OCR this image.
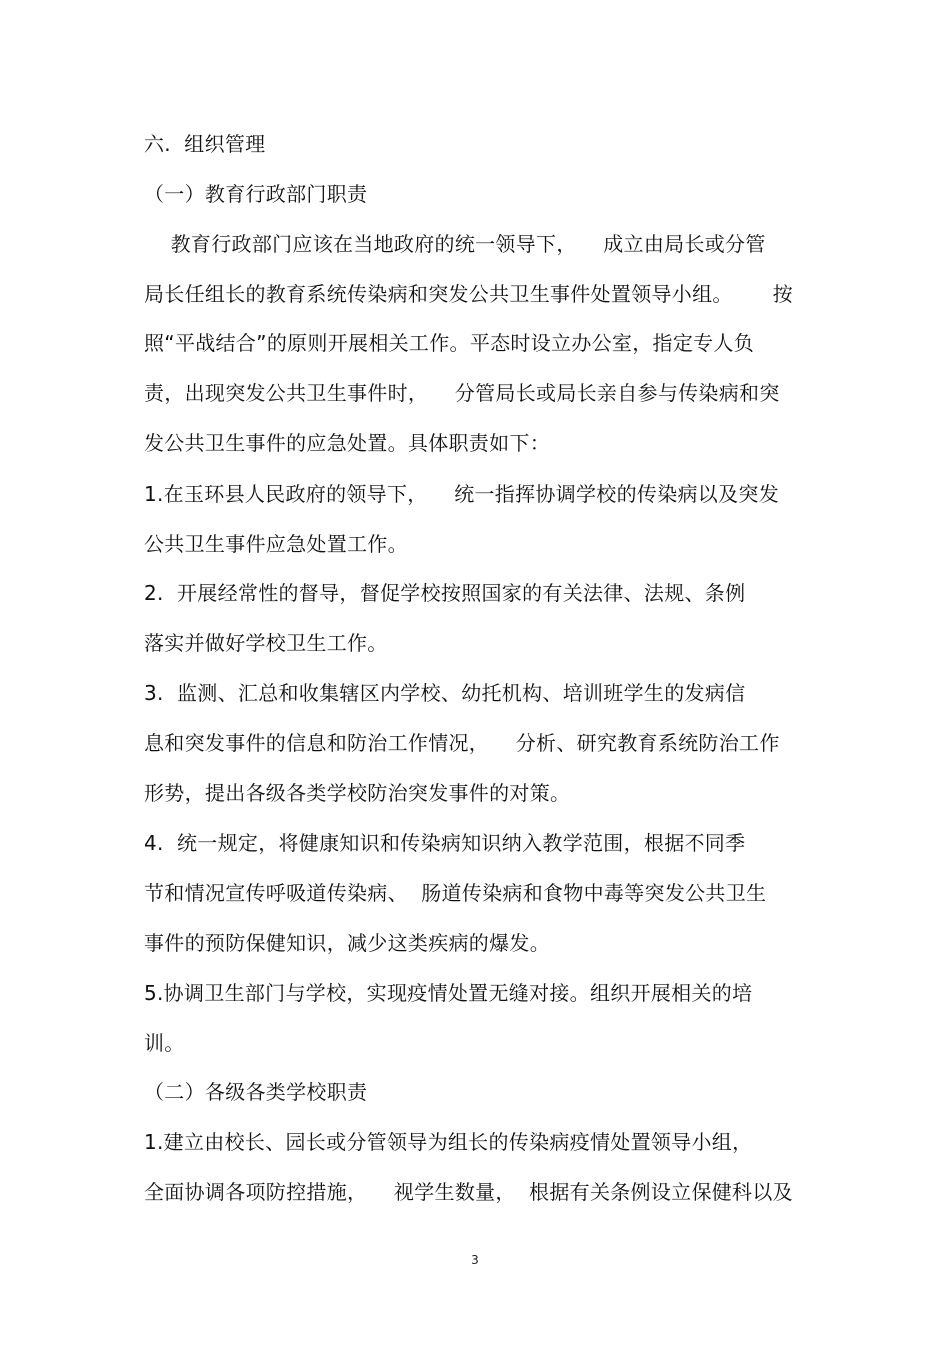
六.  组织管理
（一）教育行政部门职责
教育行政部门应该在当地政府的统一领导下，    成立由局长或分管
局长任组长的教育系统传染病和突发公共卫生事件处置领导小组。      按
照“平战结合”的原则开展相关工作。平态时设立办公室，指定专人负
责，出现突发公共卫生事件时，    分管局长或局长亲自参与传染病和突
发公共卫生事件的应急处置。具体职责如下：
1.在玉环县人民政府的领导下，    统一指挥协调学校的传染病以及突发
公共卫生事件应急处置工作。
2.  开展经常性的督导，督促学校按照国家的有关法律、法规、条例
落实并做好学校卫生工作。
3.  监测、汇总和收集辖区内学校、幼托机构、培训班学生的发病信
息和突发事件的信息和防治工作情况，    分析、研究教育系统防治工作
形势，提出各级各类学校防治突发事件的对策。
4.  统一规定，将健康知识和传染病知识纳入教学范围，根据不同季
节和情况宣传呼吸道传染病、  肠道传染病和食物中毒等突发公共卫生
事件的预防保健知识，减少这类疾病的爆发。
5.协调卫生部门与学校，实现疫情处置无缝对接。组织开展相关的培
训。
（二）各级各类学校职责
1.建立由校长、园长或分管领导为组长的传染病疫情处置领导小组，
全面协调各项防控措施，    视学生数量，  根据有关条例设立保健科以及
3
